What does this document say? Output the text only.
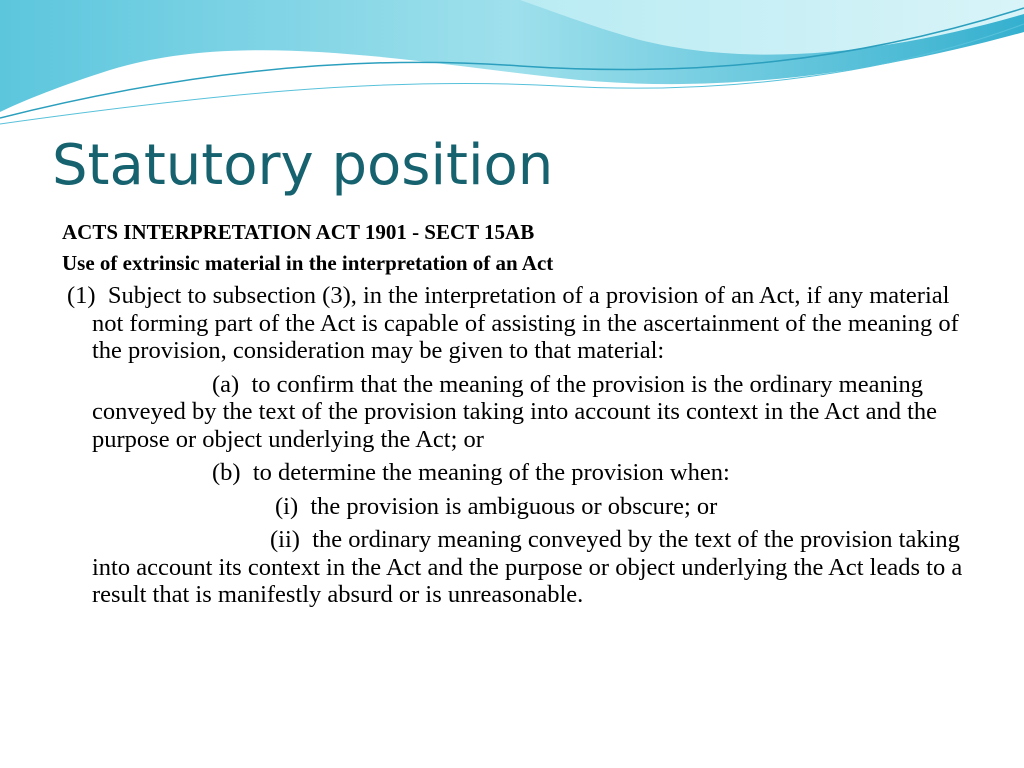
Statutory position
ACTS INTERPRETATION ACT 1901 - SECT 15AB
Use of extrinsic material in the interpretation of an Act

(1) Subject to subsection (3), in the interpretation of a provision of an Act, if any material not forming part of the Act is capable of assisting in the ascertainment of the meaning of the provision, consideration may be given to that material:

(a) to confirm that the meaning of the provision is the ordinary meaning conveyed by the text of the provision taking into account its context in the Act and the purpose or object underlying the Act; or

(b) to determine the meaning of the provision when:

(i) the provision is ambiguous or obscure; or

(ii) the ordinary meaning conveyed by the text of the provision taking into account its context in the Act and the purpose or object underlying the Act leads to a result that is manifestly absurd or is unreasonable.
